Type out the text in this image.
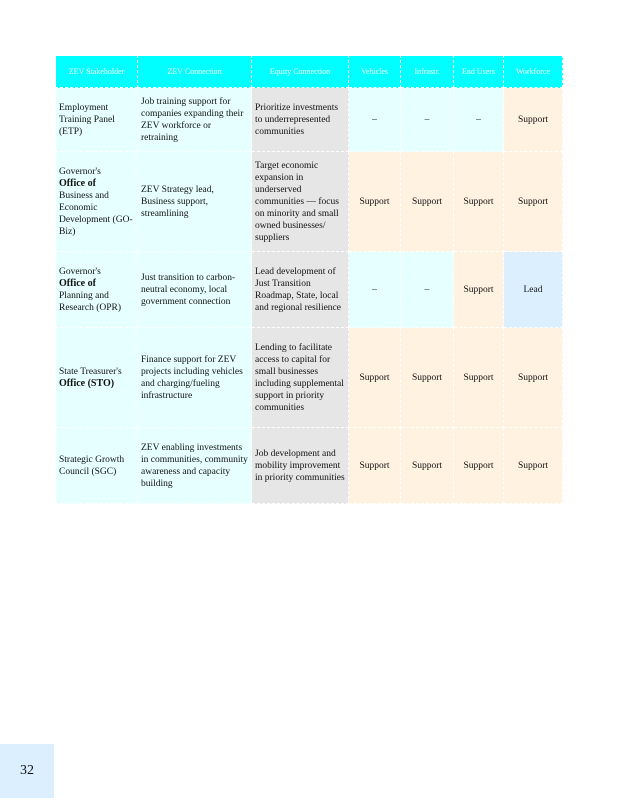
ZEV Stakeholder	ZEV Connection	Equity Connection	Vehicles	Infrastr.	End Users	Workforce
Employment Training Panel (ETP)	Job training support for companies expanding their ZEV workforce or retraining	Prioritize investments to underrepresented communities	–	–	–	Support
Governor's
Office of
Business and Economic Development (GO-Biz)	ZEV Strategy lead, Business support, streamlining	Target economic expansion in underserved communities — focus on minority and small owned businesses/ suppliers	Support	Support	Support	Support
Governor's
Office of
Planning and Research (OPR)	Just transition to carbon-neutral economy, local government connection	Lead development of Just Transition Roadmap, State, local and regional resilience	–	–	Support	Lead
State Treasurer's
Office (STO)	Finance support for ZEV projects including vehicles and charging/fueling infrastructure	Lending to facilitate access to capital for small businesses including supplemental support in priority communities	Support	Support	Support	Support
Strategic Growth Council (SGC)	ZEV enabling investments in communities, community awareness and capacity building	Job development and mobility improvement in priority communities	Support	Support	Support	Support
32
